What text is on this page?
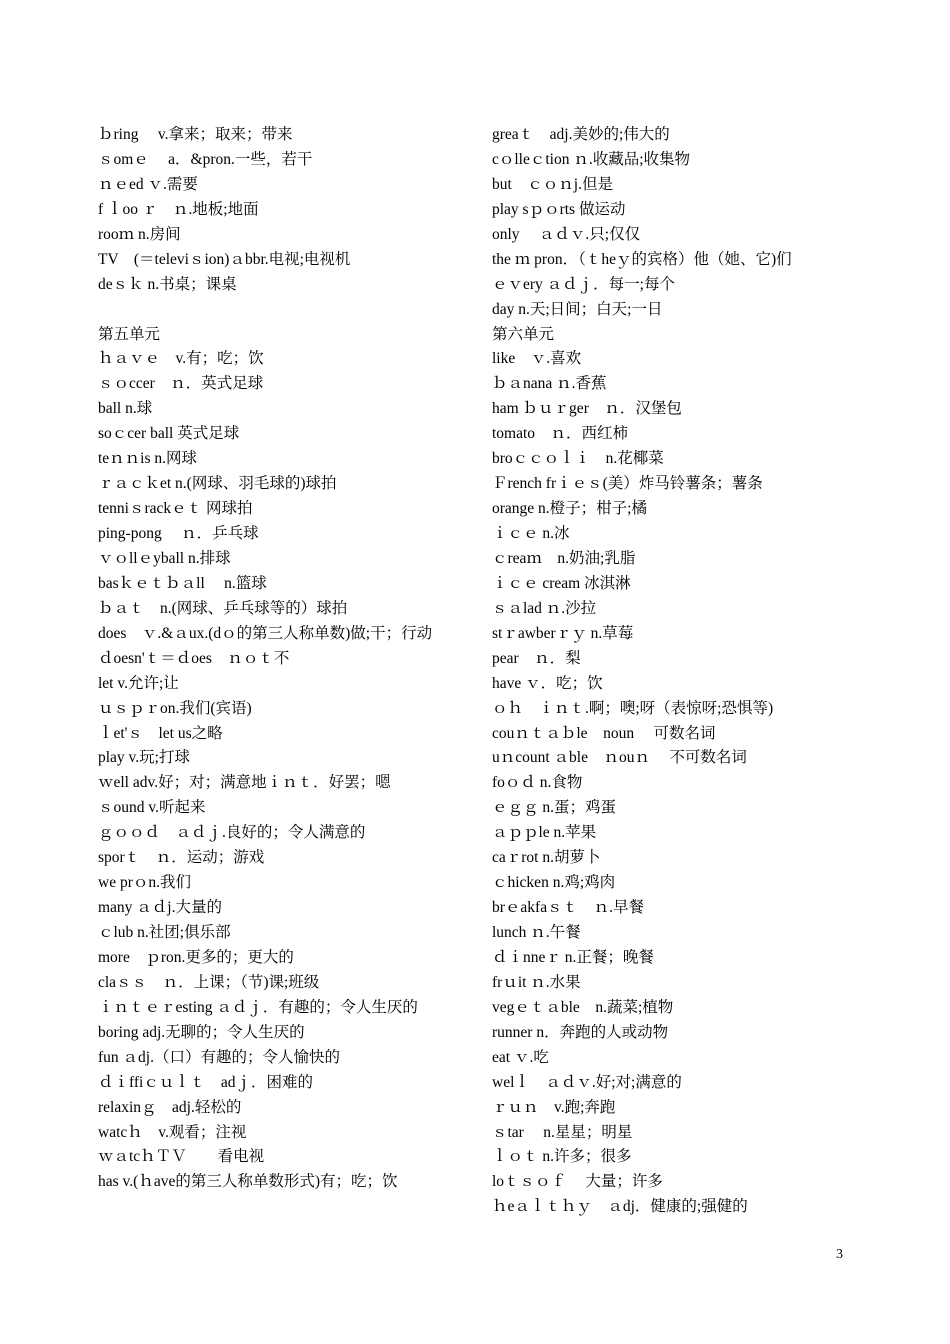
ｂring　 v.拿来；取来；带来
ｓomｅ　 a．&pron.一些，若干
ｎｅed ｖ.需要
f ｌoo ｒ　ｎ.地板;地面
rooｍ n.房间
TV　(＝televiｓion)ａbbr.电视;电视机
deｓｋ n.书桌；课桌
第五单元
ｈａｖｅ　v.有；吃；饮
ｓｏccer　ｎ．英式足球
ball n.球
soｃcer ball 英式足球
teｎｎis n.网球
ｒａｃｋet n.(网球、羽毛球的)球拍
tenniｓrackｅｔ 网球拍
ping-pong　 ｎ．乒乓球
ｖｏllｅyball n.排球
basｋｅｔｂａll　 n.篮球
ｂａｔ　n.(网球、乒乓球等的）球拍
does　ｖ.&ａux.(dｏ的第三人称单数)做;干；行动
ｄoesn'ｔ＝ｄoes　ｎｏｔ不
let v.允许;让
ｕｓｐｒon.我们(宾语)
ｌet'ｓ　let us之略
play v.玩;打球
ｗell adv.好；对；满意地ｉｎｔ．好罢；嗯
ｓound v.听起来
ｇｏｏｄ　ａｄｊ.良好的；令人满意的
sporｔ　ｎ．运动；游戏
we prｏn.我们
many ａｄj.大量的
ｃlub n.社团;俱乐部
more　ｐron.更多的；更大的
claｓｓ　ｎ．上课；（节)课;班级
ｉｎｔｅｒesting ａｄｊ．有趣的；令人生厌的
boring adj.无聊的；令人生厌的
fun ａdj.（口）有趣的；令人愉快的
ｄｉffiｃｕｌｔ　adｊ．困难的
relaxinｇ　adj.轻松的
watcｈ　v.观看；注视
ｗａtcｈＴＶ　　看电视
has v.(ｈave的第三人称单数形式)有；吃；饮
greaｔ　adj.美妙的;伟大的
cｏlleｃtion ｎ.收藏品;收集物
but　ｃｏｎj.但是
play sｐｏrts 做运动
only　 ａｄｖ.只;仅仅
the ｍ pron．（ｔheｙ的宾格）他（她、它)们
ｅｖery ａｄｊ．每一;每个
day n.天;日间；白天;一日
第六单元
like　ｖ.喜欢
ｂａnana ｎ.香蕉
ham ｂｕｒger　ｎ．汉堡包
tomato　ｎ．西红柿
broｃｃｏｌｉ　n.花椰菜
Ｆrench frｉｅｓ(美）炸马铃薯条；薯条
orange n.橙子；柑子;橘
ｉｃｅ n.冰
ｃreaｍ　n.奶油;乳脂
ｉｃｅ cream 冰淇淋
ｓａlad ｎ.沙拉
stｒawberｒｙ n.草莓
pear　ｎ．梨
have ｖ．吃；饮
ｏｈ　ｉｎｔ.啊；噢;呀（表惊呀;恐惧等)
couｎｔａｂle　noun　 可数名词
uｎcount ａble　ｎouｎ　 不可数名词
foｏｄ n.食物
ｅｇｇ n.蛋；鸡蛋
ａｐｐle n.苹果
caｒrot n.胡萝卜
ｃhicken n.鸡;鸡肉
brｅakfaｓｔ　ｎ.早餐
lunch ｎ.午餐
ｄｉnneｒ n.正餐；晚餐
frｕit ｎ.水果
vegｅｔａble　n.蔬菜;植物
runner n．奔跑的人或动物
eat ｖ.吃
welｌ　ａｄｖ.好;对;满意的
ｒｕｎ　v.跑;奔跑
ｓtar　 n.星星；明星
ｌｏｔ n.许多；很多
loｔｓｏｆ　 大量；许多
ｈeａｌｔｈｙ　ａdj．健康的;强健的
3
